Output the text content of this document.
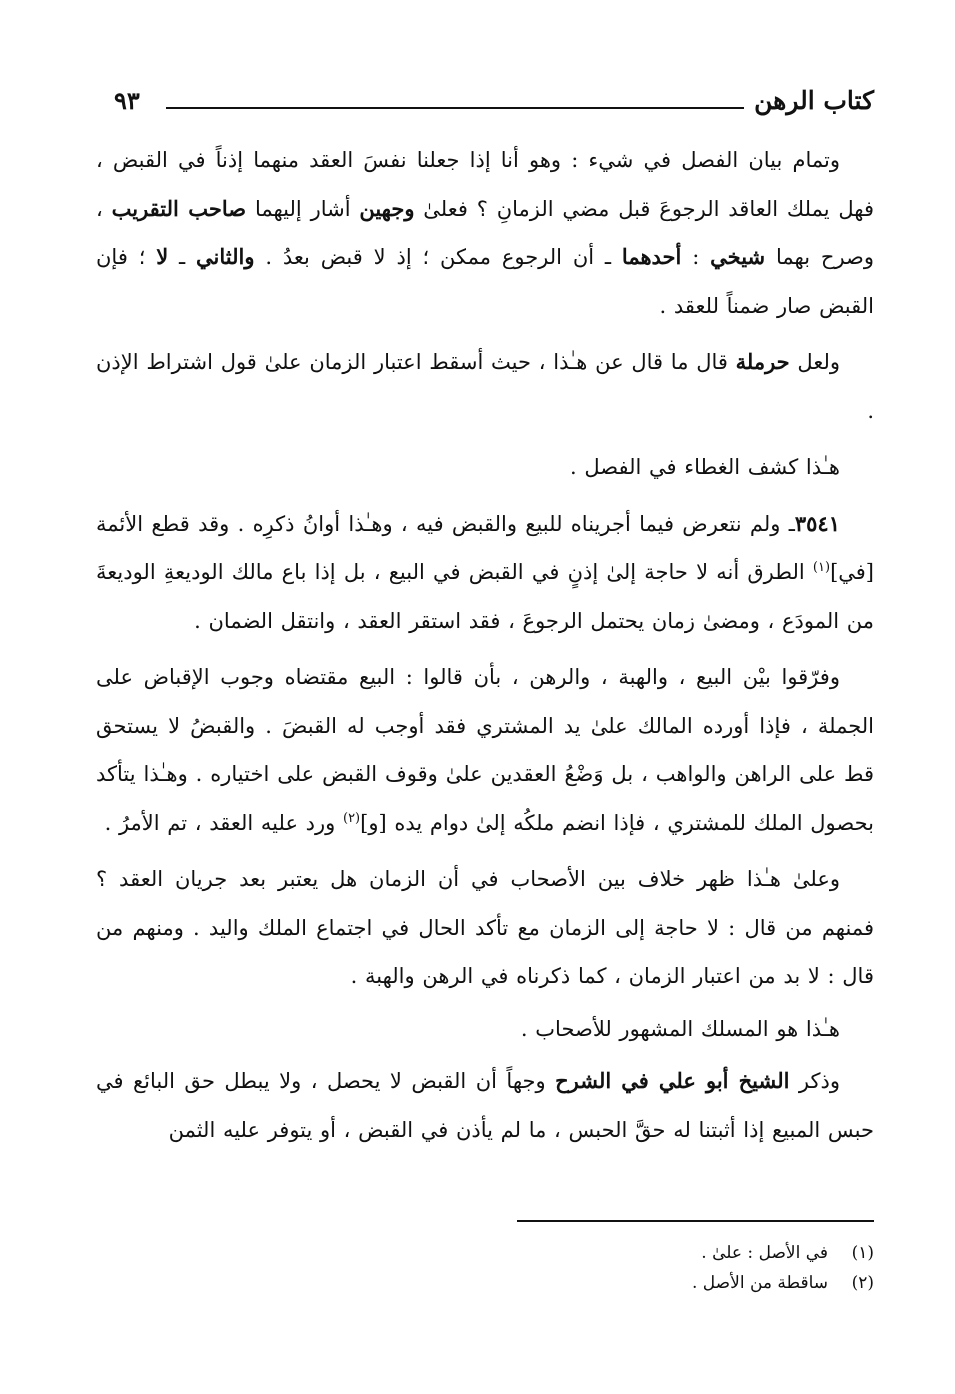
كتاب الرهن
٩٣

وتمام بيان الفصل في شيء : وهو أنا إذا جعلنا نفسَ العقد منهما إذناً في القبض ، فهل يملك العاقد الرجوعَ قبل مضي الزمانِ ؟ فعلىٰ وجهين أشار إليهما صاحب التقريب ، وصرح بهما شيخي : أحدهما ـ أن الرجوع ممكن ؛ إذ لا قبض بعدُ . والثاني ـ لا ؛ فإن القبض صار ضمناً للعقد .

ولعل حرملة قال ما قال عن هـٰذا ، حيث أسقط اعتبار الزمان علىٰ قول اشتراط الإذن .

هـٰذا كشف الغطاء في الفصل .

٣٥٤١ـ ولم نتعرض فيما أجريناه للبيع والقبض فيه ، وهـٰذا أوانُ ذكرِه . وقد قطع الأئمة [في]$^{(١)}$ الطرق أنه لا حاجة إلىٰ إذنٍ في القبض في البيع ، بل إذا باع مالك الوديعةِ الوديعةَ من المودَع ، ومضىٰ زمان يحتمل الرجوعَ ، فقد استقر العقد ، وانتقل الضمان .

وفرّقوا بيْن البيع ، والهبة ، والرهن ، بأن قالوا : البيع مقتضاه وجوب الإقباض على الجملة ، فإذا أورده المالك علىٰ يد المشتري فقد أوجب له القبضَ . والقبضُ لا يستحق قط على الراهن والواهب ، بل وَضْعُ العقدين علىٰ وقوف القبض على اختياره . وهـٰذا يتأكد بحصول الملك للمشتري ، فإذا انضم ملكُه إلىٰ دوام يده [و]$^{(٢)}$ ورد عليه العقد ، تم الأمرُ .

وعلىٰ هـٰذا ظهر خلاف بين الأصحاب في أن الزمان هل يعتبر بعد جريان العقد ؟ فمنهم من قال : لا حاجة إلى الزمان مع تأكد الحال في اجتماع الملك واليد . ومنهم من قال : لا بد من اعتبار الزمان ، كما ذكرناه في الرهن والهبة .

هـٰذا هو المسلك المشهور للأصحاب .

وذكر الشيخ أبو علي في الشرح وجهاً أن القبض لا يحصل ، ولا يبطل حق البائع في حبس المبيع إذا أثبتنا له حقَّ الحبس ، ما لم يأذن في القبض ، أو يتوفر عليه الثمن

(١)
في الأصل : علىٰ .
(٢)
ساقطة من الأصل .
